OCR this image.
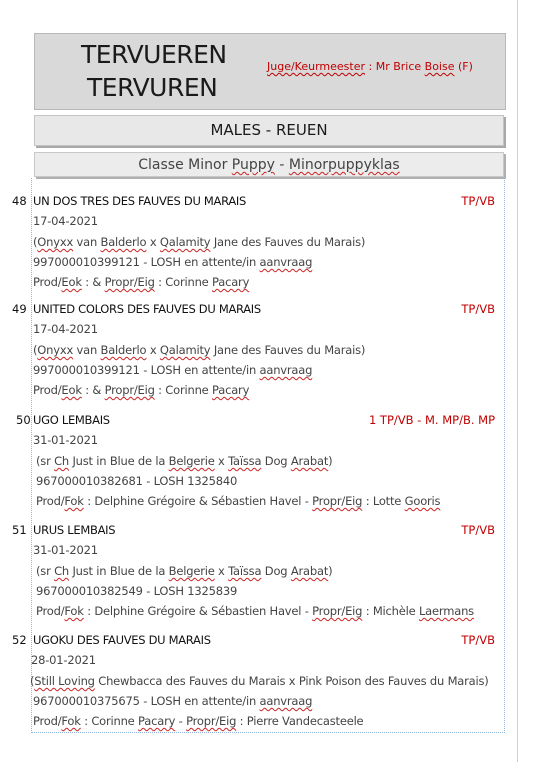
TERVUEREN
TERVUREN
Juge/Keurmeester : Mr Brice Boise (F)
MALES - REUEN
Classe Minor Puppy - Minorpuppyklas
48 UN DOS TRES DES FAUVES DU MARAIS	TP/VB
17-04-2021
(Onyxx van Balderlo x Qalamity Jane des Fauves du Marais)
997000010399121 - LOSH en attente/in aanvraag
Prod/Eok : & Propr/Eig : Corinne Pacary
49 UNITED COLORS DES FAUVES DU MARAIS	TP/VB
17-04-2021
(Onyxx van Balderlo x Qalamity Jane des Fauves du Marais)
997000010399121 - LOSH en attente/in aanvraag
Prod/Eok : & Propr/Eig : Corinne Pacary
50 UGO LEMBAIS	1 TP/VB - M. MP/B. MP
31-01-2021
(sr Ch Just in Blue de la Belgerie x Taïssa Dog Arabat)
967000010382681 - LOSH 1325840
Prod/Fok : Delphine Grégoire & Sébastien Havel - Propr/Eig : Lotte Gooris
51 URUS LEMBAIS	TP/VB
31-01-2021
(sr Ch Just in Blue de la Belgerie x Taïssa Dog Arabat)
967000010382549 - LOSH 1325839
Prod/Fok : Delphine Grégoire & Sébastien Havel - Propr/Eig : Michèle Laermans
52 UGOKU DES FAUVES DU MARAIS	TP/VB
28-01-2021
(Still Loving Chewbacca des Fauves du Marais x Pink Poison des Fauves du Marais)
967000010375675 - LOSH en attente/in aanvraag
Prod/Fok : Corinne Pacary - Propr/Eig : Pierre Vandecasteele
